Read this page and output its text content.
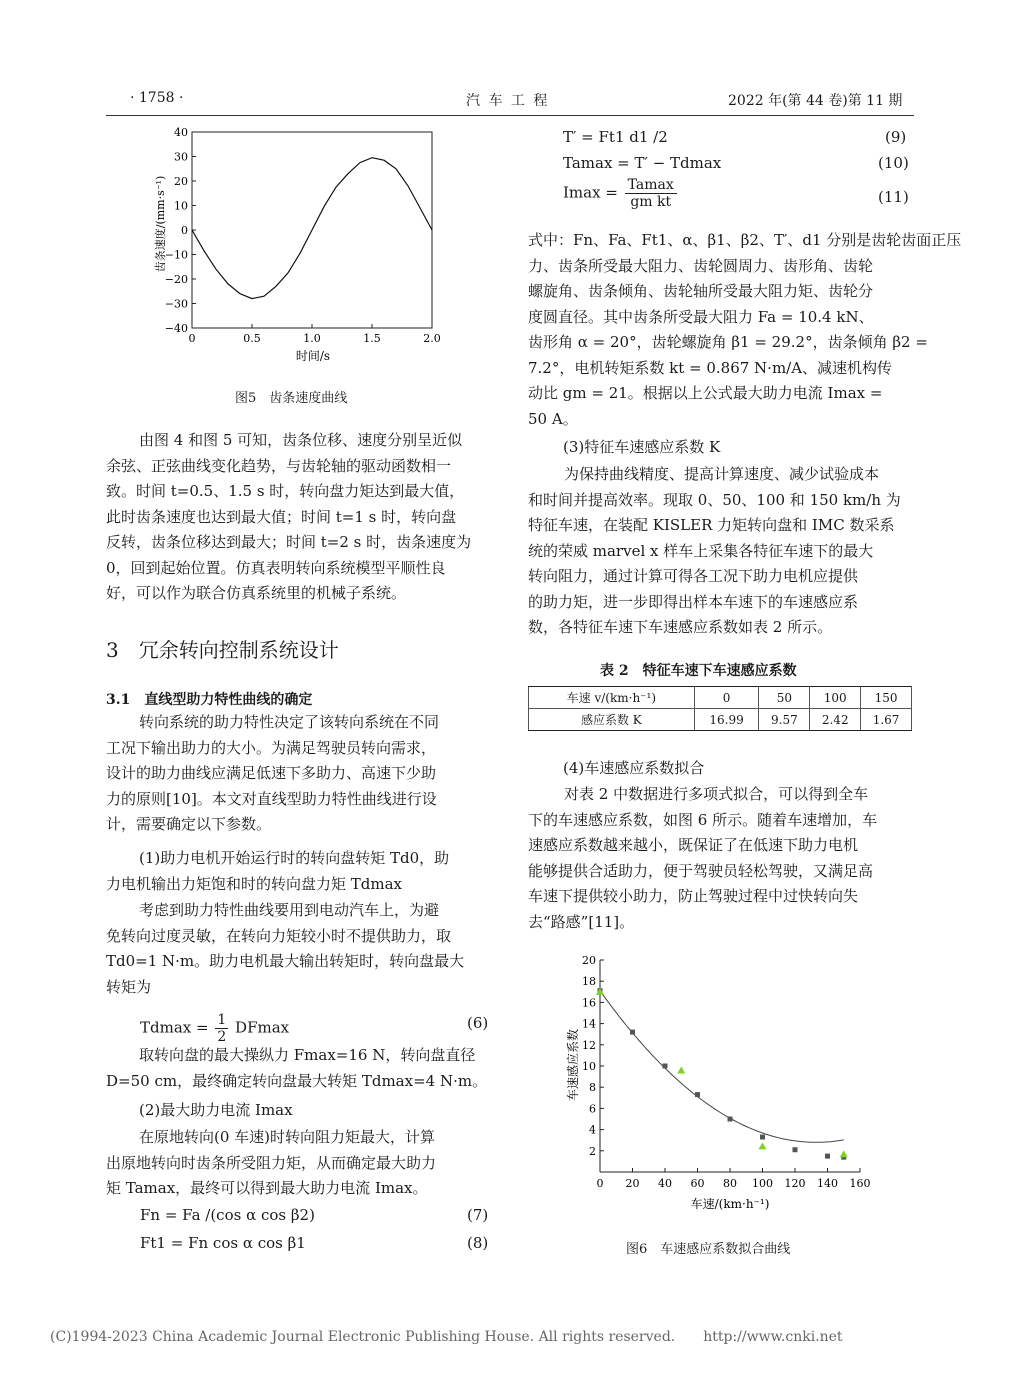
· 1758 ·	汽 车 工 程	2022 年(第 44 卷)第 11 期
齿条速度/(mm·s⁻¹)
时间/s
40
30
20
10
0
−10
−20
−30
−40
0	0.5	1.0	1.5	2.0
图5　齿条速度曲线
由图 4 和图 5 可知，齿条位移、速度分别呈近似
余弦、正弦曲线变化趋势，与齿轮轴的驱动函数相一
致。时间 t=0.5、1.5 s 时，转向盘力矩达到最大值，
此时齿条速度也达到最大值；时间 t=1 s 时，转向盘
反转，齿条位移达到最大；时间 t=2 s 时，齿条速度为
0，回到起始位置。仿真表明转向系统模型平顺性良
好，可以作为联合仿真系统里的机械子系统。
3　冗余转向控制系统设计
3.1　直线型助力特性曲线的确定
转向系统的助力特性决定了该转向系统在不同
工况下输出助力的大小。为满足驾驶员转向需求，
设计的助力曲线应满足低速下多助力、高速下少助
力的原则[10]。本文对直线型助力特性曲线进行设
计，需要确定以下参数。
(1)助力电机开始运行时的转向盘转矩 Td0，助
力电机输出力矩饱和时的转向盘力矩 Tdmax
考虑到助力特性曲线要用到电动汽车上，为避
免转向过度灵敏，在转向力矩较小时不提供助力，取
Td0=1 N·m。助力电机最大输出转矩时，转向盘最大
转矩为
$Tdmax = \frac{1}{2}$ DFmax	(6)
取转向盘的最大操纵力 Fmax=16 N，转向盘直径
D=50 cm，最终确定转向盘最大转矩 Tdmax=4 N·m。
(2)最大助力电流 Imax
在原地转向(0 车速)时转向阻力矩最大，计算
出原地转向时齿条所受阻力矩，从而确定最大助力
矩 Tamax，最终可以得到最大助力电流 Imax。
Fn = Fa /(cos α cos β2)	(7)
Ft1 = Fn cos α cos β1	(8)
T′ = Ft1 d1 /2	(9)
Tamax = T′ − Tdmax	(10)
Imax = Tamax
gm kt	(11)
式中：Fn、Fa、Ft1、α、β1、β2、T′、d1 分别是齿轮齿面正压
力、齿条所受最大阻力、齿轮圆周力、齿形角、齿轮
螺旋角、齿条倾角、齿轮轴所受最大阻力矩、齿轮分
度圆直径。其中齿条所受最大阻力 Fa = 10.4 kN、
齿形角 α = 20°，齿轮螺旋角 β1 = 29.2°，齿条倾角 β2 =
7.2°，电机转矩系数 kt = 0.867 N·m/A、减速机构传
动比 gm = 21。根据以上公式最大助力电流 Imax =
50 A。
(3)特征车速感应系数 K
为保持曲线精度、提高计算速度、减少试验成本
和时间并提高效率。现取 0、50、100 和 150 km/h 为
特征车速，在装配 KISLER 力矩转向盘和 IMC 数采系
统的荣威 marvel x 样车上采集各特征车速下的最大
转向阻力，通过计算可得各工况下助力电机应提供
的助力矩，进一步即得出样本车速下的车速感应系
数，各特征车速下车速感应系数如表 2 所示。
表 2　特征车速下车速感应系数
车速 v/(km·h⁻¹)	0	50	100	150
感应系数 K	16.99	9.57	2.42	1.67
(4)车速感应系数拟合
对表 2 中数据进行多项式拟合，可以得到全车
下的车速感应系数，如图 6 所示。随着车速增加，车
速感应系数越来越小，既保证了在低速下助力电机
能够提供合适助力，便于驾驶员轻松驾驶，又满足高
车速下提供较小助力，防止驾驶过程中过快转向失
去“路感”[11]。
车速感应系数
车速/(km·h⁻¹)
20
18
16
14
12
10
8
6
4
2
0 20 40 60 80 100 120 140 160
图6　车速感应系数拟合曲线
(C)1994-2023 China Academic Journal Electronic Publishing House. All rights reserved.　　http://www.cnki.net
